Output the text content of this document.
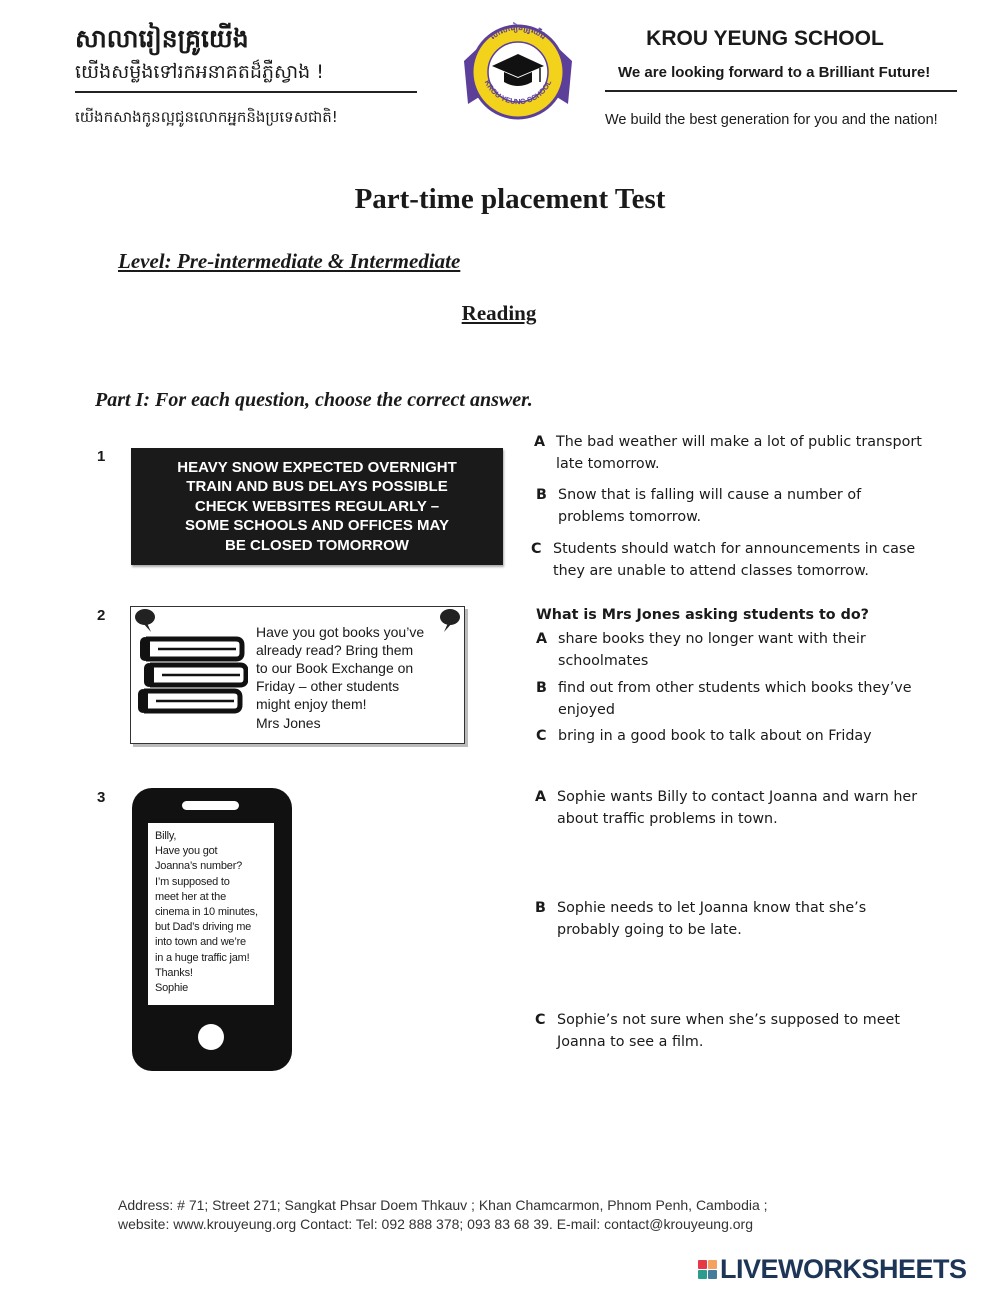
សាលារៀនគ្រូយើង
យើងសម្លឹងទៅរកអនាគតដ៏ភ្លឺស្វាង !
យើងកសាងកូនល្អជូនលោកអ្នកនិងប្រទេសជាតិ!
សាលារៀនគ្រូយើង
KROU YEUNG SCHOOL
KROU YEUNG SCHOOL
We are looking forward to a Brilliant Future!
We build the best generation for you and the nation!
Part-time placement Test
Level: Pre-intermediate & Intermediate
Reading
Part I: For each question, choose the correct answer.
1
HEAVY SNOW EXPECTED OVERNIGHT
TRAIN AND BUS DELAYS POSSIBLE
CHECK WEBSITES REGULARLY –
SOME SCHOOLS AND OFFICES MAY
BE CLOSED TOMORROW
A The bad weather will make a lot of public transport
late tomorrow.
B Snow that is falling will cause a number of
problems tomorrow.
C Students should watch for announcements in case
they are unable to attend classes tomorrow.
2
Have you got books you’ve
already read? Bring them
to our Book Exchange on
Friday – other students
might enjoy them!
Mrs Jones
What is Mrs Jones asking students to do?
A share books they no longer want with their
schoolmates
B find out from other students which books they’ve
enjoyed
C bring in a good book to talk about on Friday
3
Billy,
Have you got
Joanna’s number?
I’m supposed to
meet her at the
cinema in 10 minutes,
but Dad’s driving me
into town and we’re
in a huge traffic jam!
Thanks!
Sophie
A Sophie wants Billy to contact Joanna and warn her
about traffic problems in town.
B Sophie needs to let Joanna know that she’s
probably going to be late.
C Sophie’s not sure when she’s supposed to meet
Joanna to see a film.
Address: # 71; Street 271; Sangkat Phsar Doem Thkauv ; Khan Chamcarmon, Phnom Penh, Cambodia ;
website: www.krouyeung.org Contact: Tel: 092 888 378; 093 83 68 39. E-mail: contact@krouyeung.org
LIVEWORKSHEETS
